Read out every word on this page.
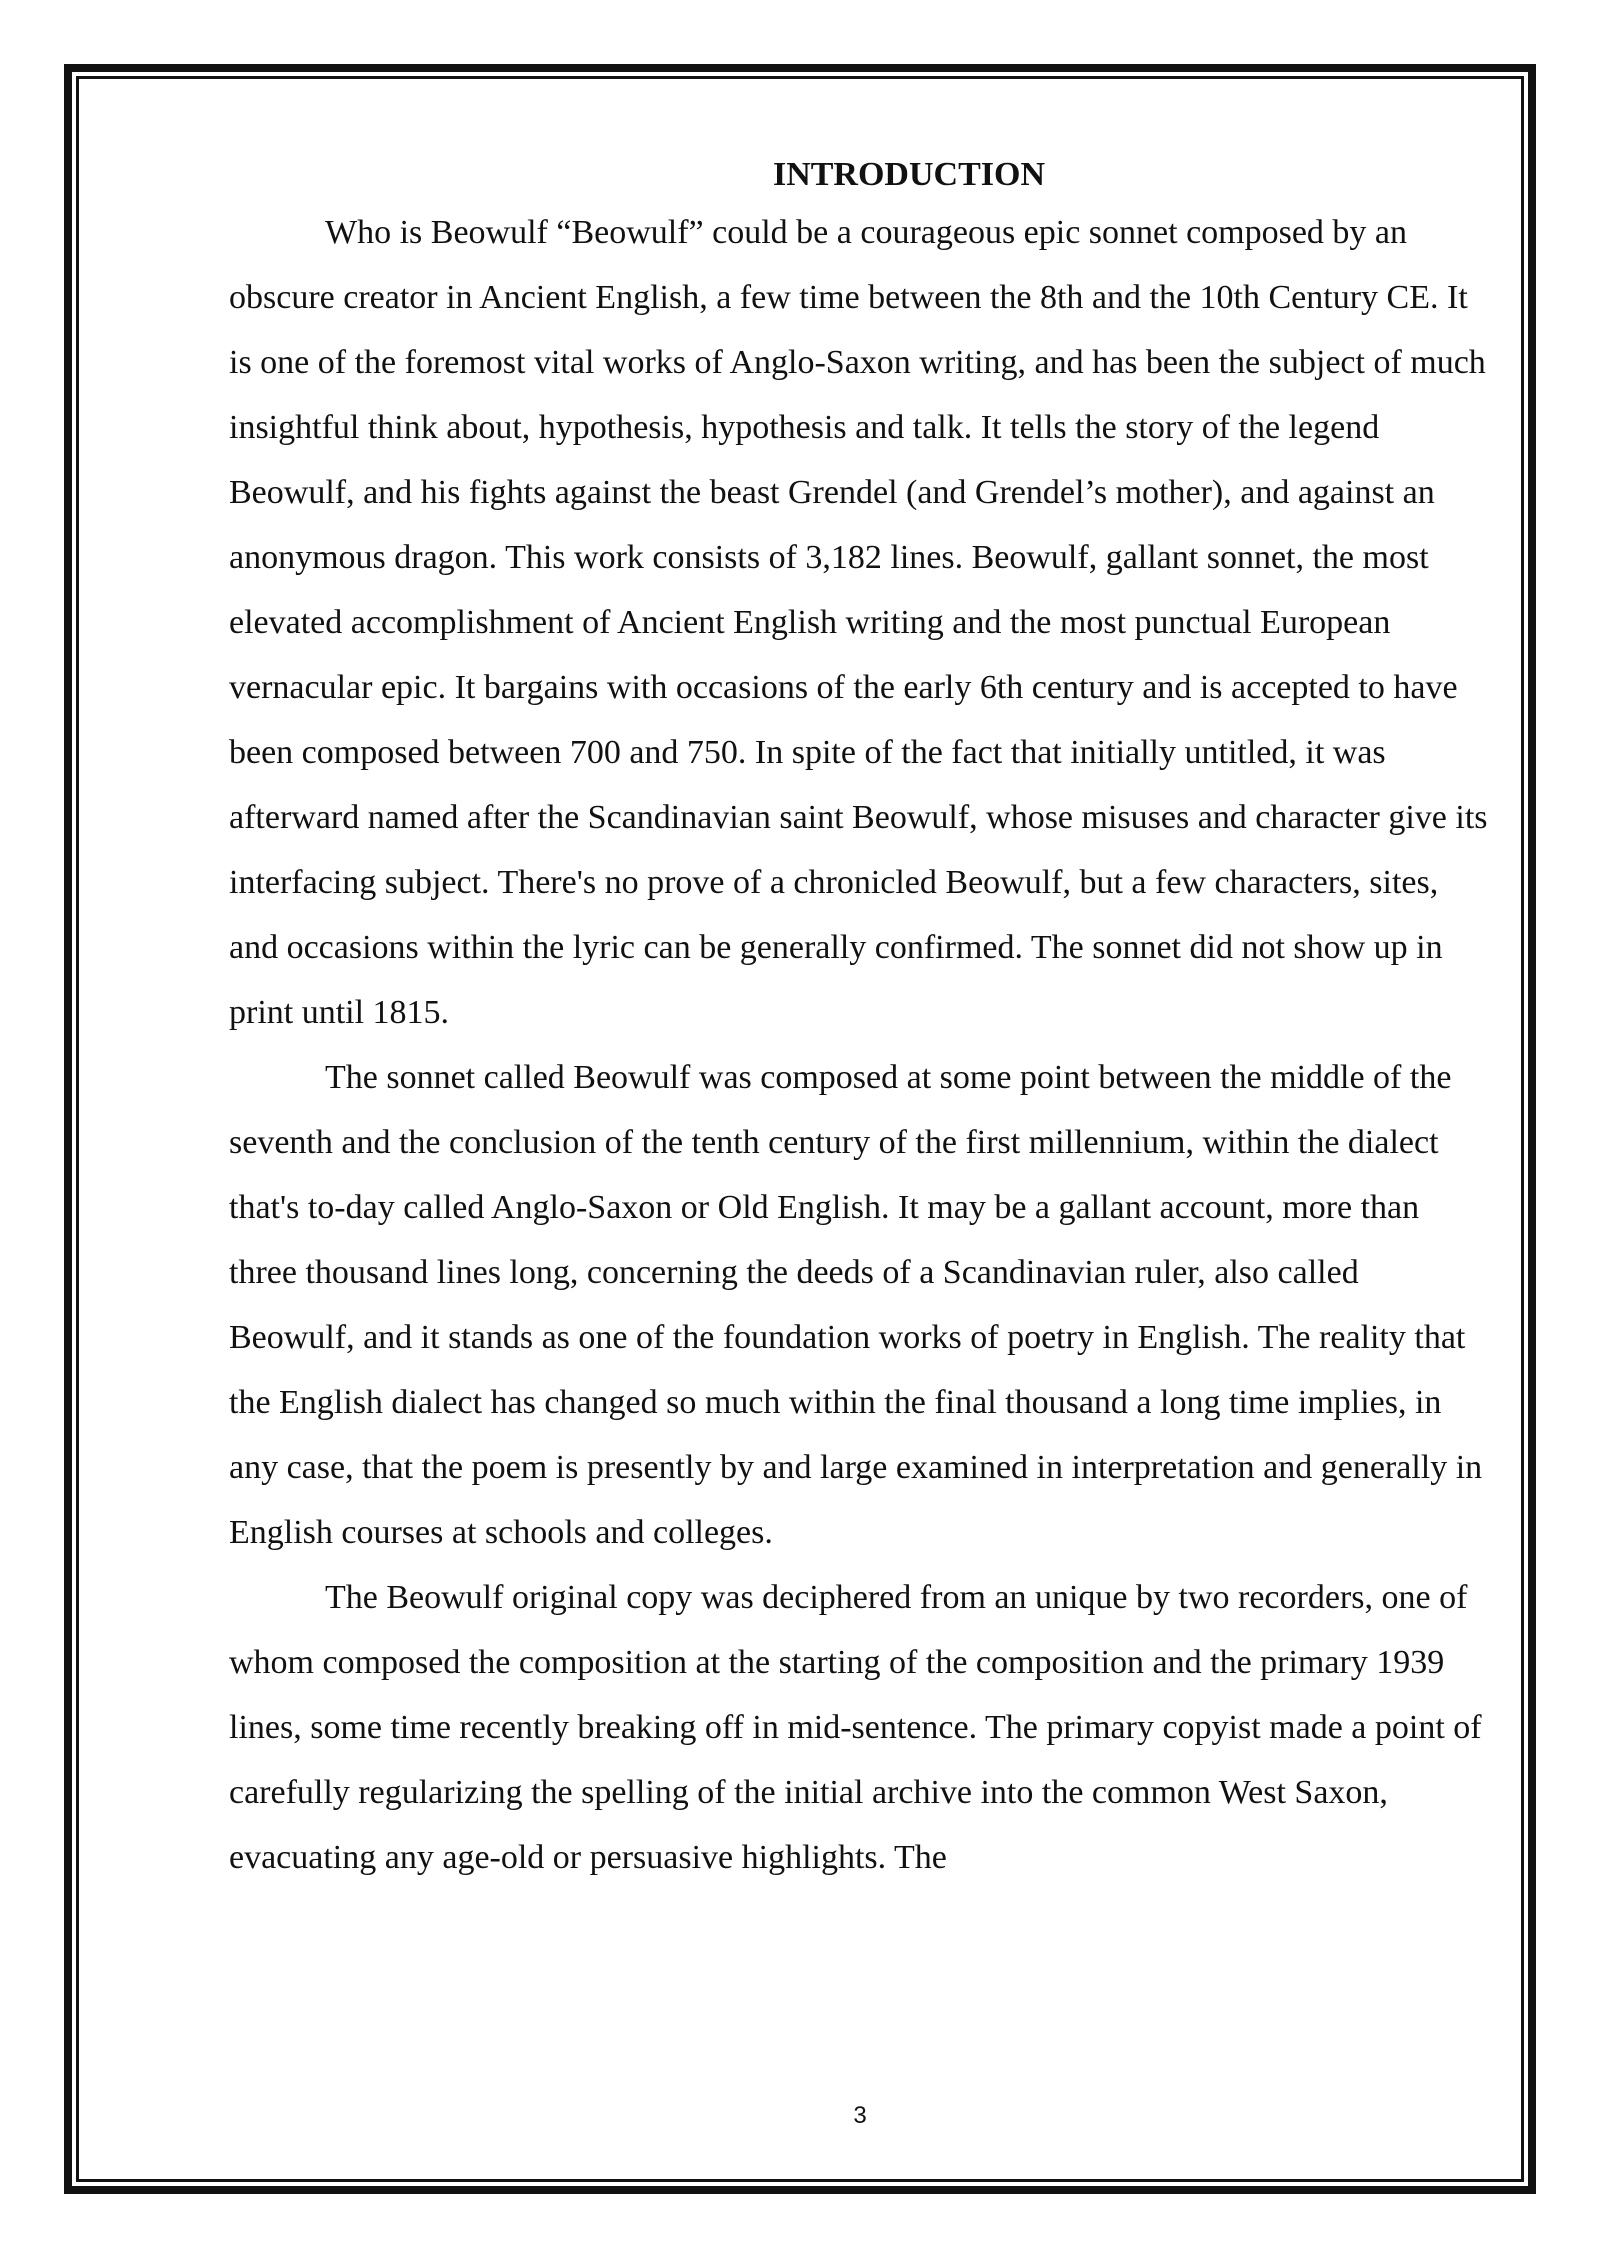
INTRODUCTION

Who is Beowulf “Beowulf” could be a courageous epic sonnet composed by an obscure creator in Ancient English, a few time between the 8th and the 10th Century CE. It is one of the foremost vital works of Anglo-Saxon writing, and has been the subject of much insightful think about, hypothesis, hypothesis and talk. It tells the story of the legend Beowulf, and his fights against the beast Grendel (and Grendel’s mother), and against an anonymous dragon. This work consists of 3,182 lines. Beowulf, gallant sonnet, the most elevated accomplishment of Ancient English writing and the most punctual European vernacular epic. It bargains with occasions of the early 6th century and is accepted to have been composed between 700 and 750. In spite of the fact that initially untitled, it was afterward named after the Scandinavian saint Beowulf, whose misuses and character give its interfacing subject. There's no prove of a chronicled Beowulf, but a few characters, sites, and occasions within the lyric can be generally confirmed. The sonnet did not show up in print until 1815.

The sonnet called Beowulf was composed at some point between the middle of the seventh and the conclusion of the tenth century of the first millennium, within the dialect that's to-day called Anglo-Saxon or Old English. It may be a gallant account, more than three thousand lines long, concerning the deeds of a Scandinavian ruler, also called Beowulf, and it stands as one of the foundation works of poetry in English. The reality that the English dialect has changed so much within the final thousand a long time implies, in any case, that the poem is presently by and large examined in interpretation and generally in English courses at schools and colleges.

The Beowulf original copy was deciphered from an unique by two recorders, one of whom composed the composition at the starting of the composition and the primary 1939 lines, some time recently breaking off in mid-sentence. The primary copyist made a point of carefully regularizing the spelling of the initial archive into the common West Saxon, evacuating any age-old or persuasive highlights. The

3
